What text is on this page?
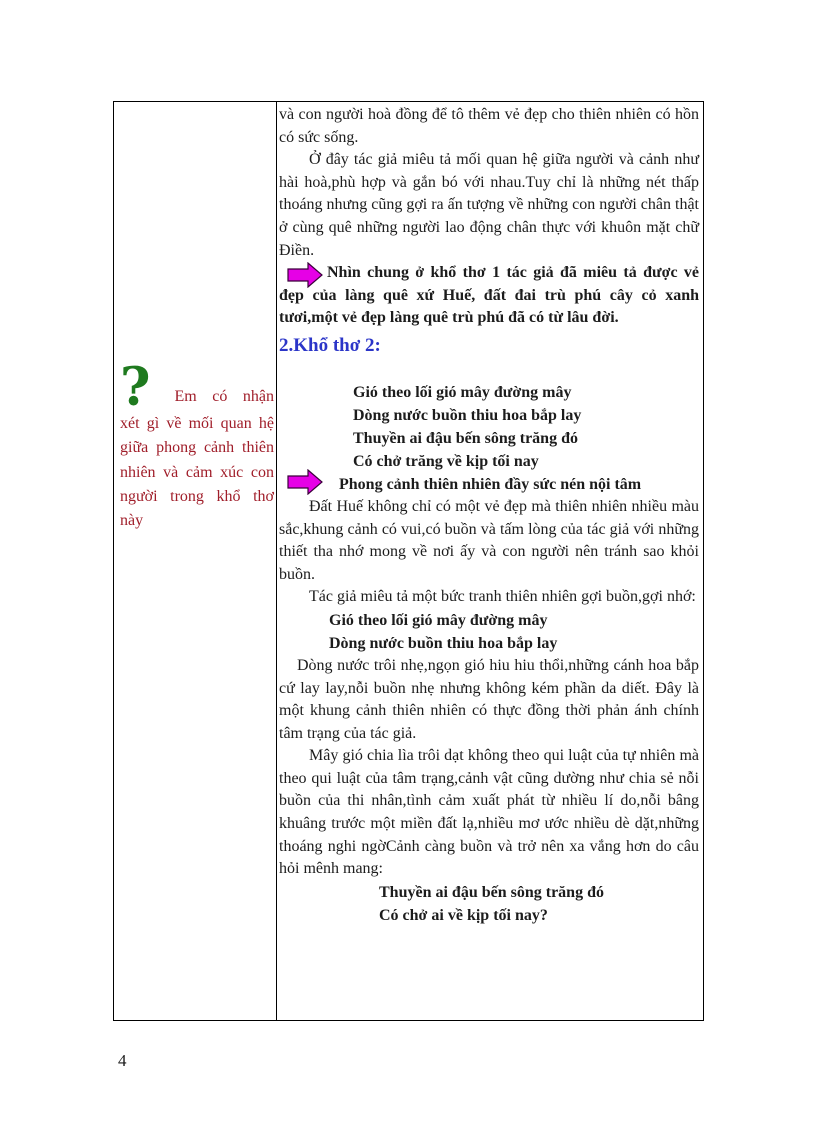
? Em có nhận xét gì về mối quan hệ giữa phong cảnh thiên nhiên và cảm xúc con người trong khổ thơ này

và con người hoà đồng để tô thêm vẻ đẹp cho thiên nhiên có hồn có sức sống.

Ở đây tác giả miêu tả mối quan hệ giữa người và cảnh như hài hoà,phù hợp và gắn bó với nhau.Tuy chỉ là những nét thấp thoáng nhưng cũng gợi ra ấn tượng về những con người chân thật ở cùng quê những người lao động chân thực với khuôn mặt chữ Điền.

Nhìn chung ở khổ thơ 1 tác giả đã miêu tả được vẻ đẹp của làng quê xứ Huế, đất đai trù phú cây cỏ xanh tươi,một vẻ đẹp làng quê trù phú đã có từ lâu đời.

2.Khổ thơ 2:

Gió theo lối gió mây đường mây

Dòng nước buồn thiu hoa bắp lay

Thuyền ai đậu bến sông trăng đó

Có chở trăng về kịp tối nay

Phong cảnh thiên nhiên đầy sức nén nội tâm

Đất Huế không chỉ có một vẻ đẹp mà thiên nhiên nhiều màu sắc,khung cảnh có vui,có buồn và tấm lòng của tác giả với những thiết tha nhớ mong về nơi ấy và con người nên tránh sao khỏi buồn.

Tác giả miêu tả một bức tranh thiên nhiên gợi buồn,gợi nhớ:

Gió theo lối gió mây đường mây

Dòng nước buồn thiu hoa bắp lay

Dòng nước trôi nhẹ,ngọn gió hiu hiu thổi,những cánh hoa bắp cứ lay lay,nỗi buồn nhẹ nhưng không kém phần da diết. Đây là một khung cảnh thiên nhiên có thực đồng thời phản ánh chính tâm trạng của tác giả.

Mây gió chia lìa trôi dạt không theo qui luật của tự nhiên mà theo qui luật của tâm trạng,cảnh vật cũng dường như chia sẻ nỗi buồn của thi nhân,tình cảm xuất phát từ nhiều lí do,nỗi bâng khuâng trước một miền đất lạ,nhiều mơ ước nhiều dè dặt,những thoáng nghi ngờCảnh càng buồn và trở nên xa vắng hơn do câu hỏi mênh mang:

Thuyền ai đậu bến sông trăng đó

Có chở ai về kịp tối nay?

4
